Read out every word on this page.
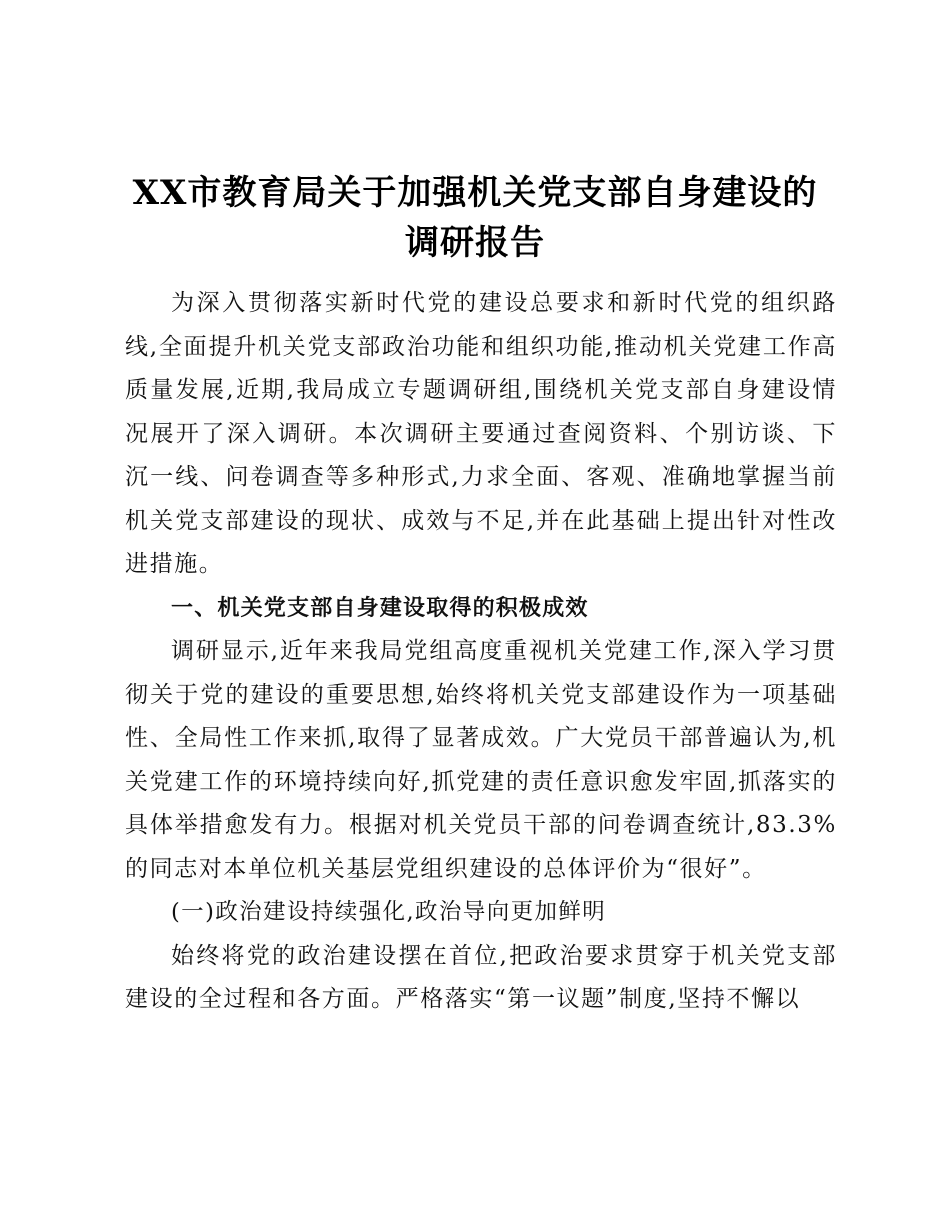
XX市教育局关于加强机关党支部自身建设的调研报告

为深入贯彻落实新时代党的建设总要求和新时代党的组织路线,全面提升机关党支部政治功能和组织功能,推动机关党建工作高质量发展,近期,我局成立专题调研组,围绕机关党支部自身建设情况展开了深入调研。本次调研主要通过查阅资料、个别访谈、下沉一线、问卷调查等多种形式,力求全面、客观、准确地掌握当前机关党支部建设的现状、成效与不足,并在此基础上提出针对性改进措施。

一、机关党支部自身建设取得的积极成效

调研显示,近年来我局党组高度重视机关党建工作,深入学习贯彻关于党的建设的重要思想,始终将机关党支部建设作为一项基础性、全局性工作来抓,取得了显著成效。广大党员干部普遍认为,机关党建工作的环境持续向好,抓党建的责任意识愈发牢固,抓落实的具体举措愈发有力。根据对机关党员干部的问卷调查统计,83.3%的同志对本单位机关基层党组织建设的总体评价为“很好”。

(一)政治建设持续强化,政治导向更加鲜明

始终将党的政治建设摆在首位,把政治要求贯穿于机关党支部建设的全过程和各方面。严格落实“第一议题”制度,坚持不懈以
